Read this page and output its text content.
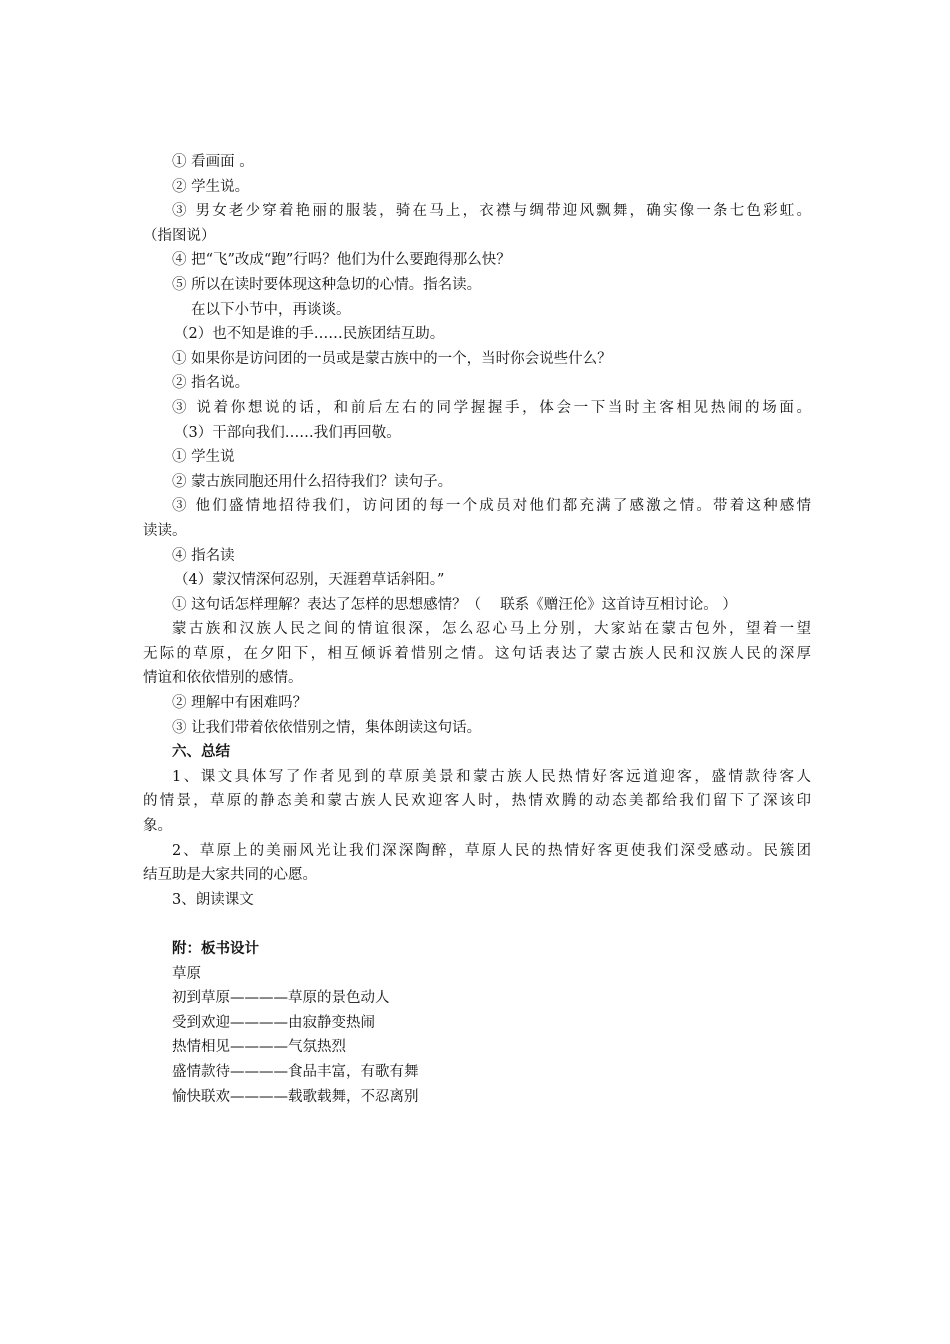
① 看画面 。
② 学生说。
③ 男女老少穿着艳丽的服装，骑在马上，衣襟与绸带迎风飘舞，确实像一条七色彩虹。
（指图说）
④ 把“飞”改成“跑”行吗？他们为什么要跑得那么快？
⑤ 所以在读时要体现这种急切的心情。指名读。
在以下小节中，再谈谈。
（2）也不知是谁的手……民族团结互助。
① 如果你是访问团的一员或是蒙古族中的一个，当时你会说些什么？
② 指名说。
③ 说着你想说的话，和前后左右的同学握握手，体会一下当时主客相见热闹的场面。
（3）干部向我们……我们再回敬。
① 学生说
② 蒙古族同胞还用什么招待我们？读句子。
③ 他们盛情地招待我们，访问团的每一个成员对他们都充满了感激之情。带着这种感情
读读。
④ 指名读
（4）蒙汉情深何忍别，天涯碧草话斜阳。”
① 这句话怎样理解？表达了怎样的思想感情？（　 联系《赠汪伦》这首诗互相讨论。 ）
蒙古族和汉族人民之间的情谊很深，怎么忍心马上分别，大家站在蒙古包外，望着一望
无际的草原，在夕阳下，相互倾诉着惜别之情。这句话表达了蒙古族人民和汉族人民的深厚
情谊和依依惜别的感情。
② 理解中有困难吗？
③ 让我们带着依依惜别之情，集体朗读这句话。
六、总结
1、课文具体写了作者见到的草原美景和蒙古族人民热情好客远道迎客，盛情款待客人
的情景，草原的静态美和蒙古族人民欢迎客人时，热情欢腾的动态美都给我们留下了深该印
象。
2、草原上的美丽风光让我们深深陶醉，草原人民的热情好客更使我们深受感动。民簇团
结互助是大家共同的心愿。
3、朗读课文
附：板书设计
草原
初到草原————草原的景色动人
受到欢迎————由寂静变热闹
热情相见————气氛热烈
盛情款待————食品丰富，有歌有舞
愉快联欢————载歌载舞，不忍离别
